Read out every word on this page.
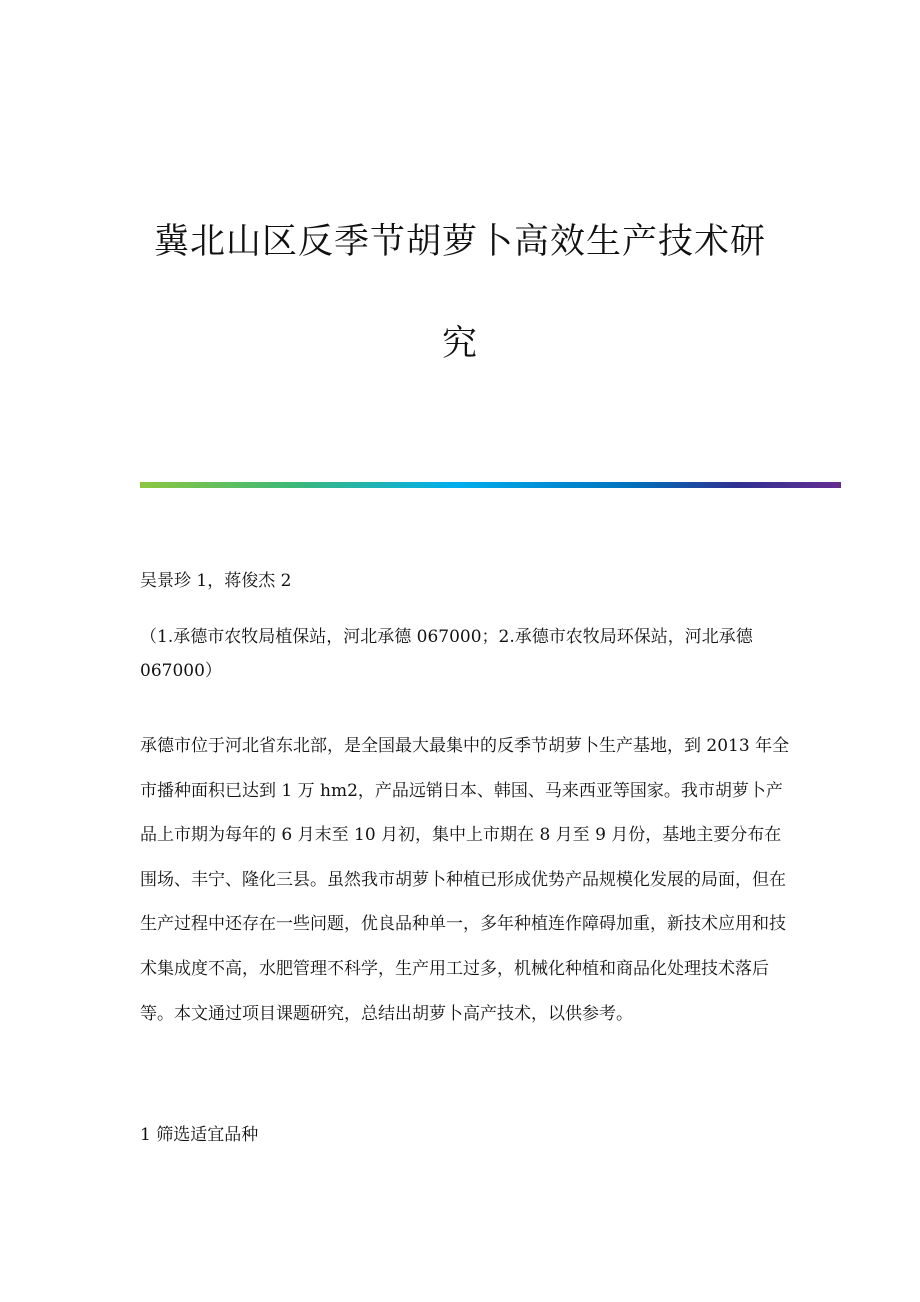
冀北山区反季节胡萝卜高效生产技术研
究

吴景珍 1，蒋俊杰 2

（1.承德市农牧局植保站，河北承德 067000；2.承德市农牧局环保站，河北承德 067000）

承德市位于河北省东北部，是全国最大最集中的反季节胡萝卜生产基地，到 2013 年全市播种面积已达到 1 万 hm2，产品远销日本、韩国、马来西亚等国家。我市胡萝卜产品上市期为每年的 6 月末至 10 月初，集中上市期在 8 月至 9 月份，基地主要分布在围场、丰宁、隆化三县。虽然我市胡萝卜种植已形成优势产品规模化发展的局面，但在生产过程中还存在一些问题，优良品种单一，多年种植连作障碍加重，新技术应用和技术集成度不高，水肥管理不科学，生产用工过多，机械化种植和商品化处理技术落后等。本文通过项目课题研究，总结出胡萝卜高产技术，以供参考。

1 筛选适宜品种
